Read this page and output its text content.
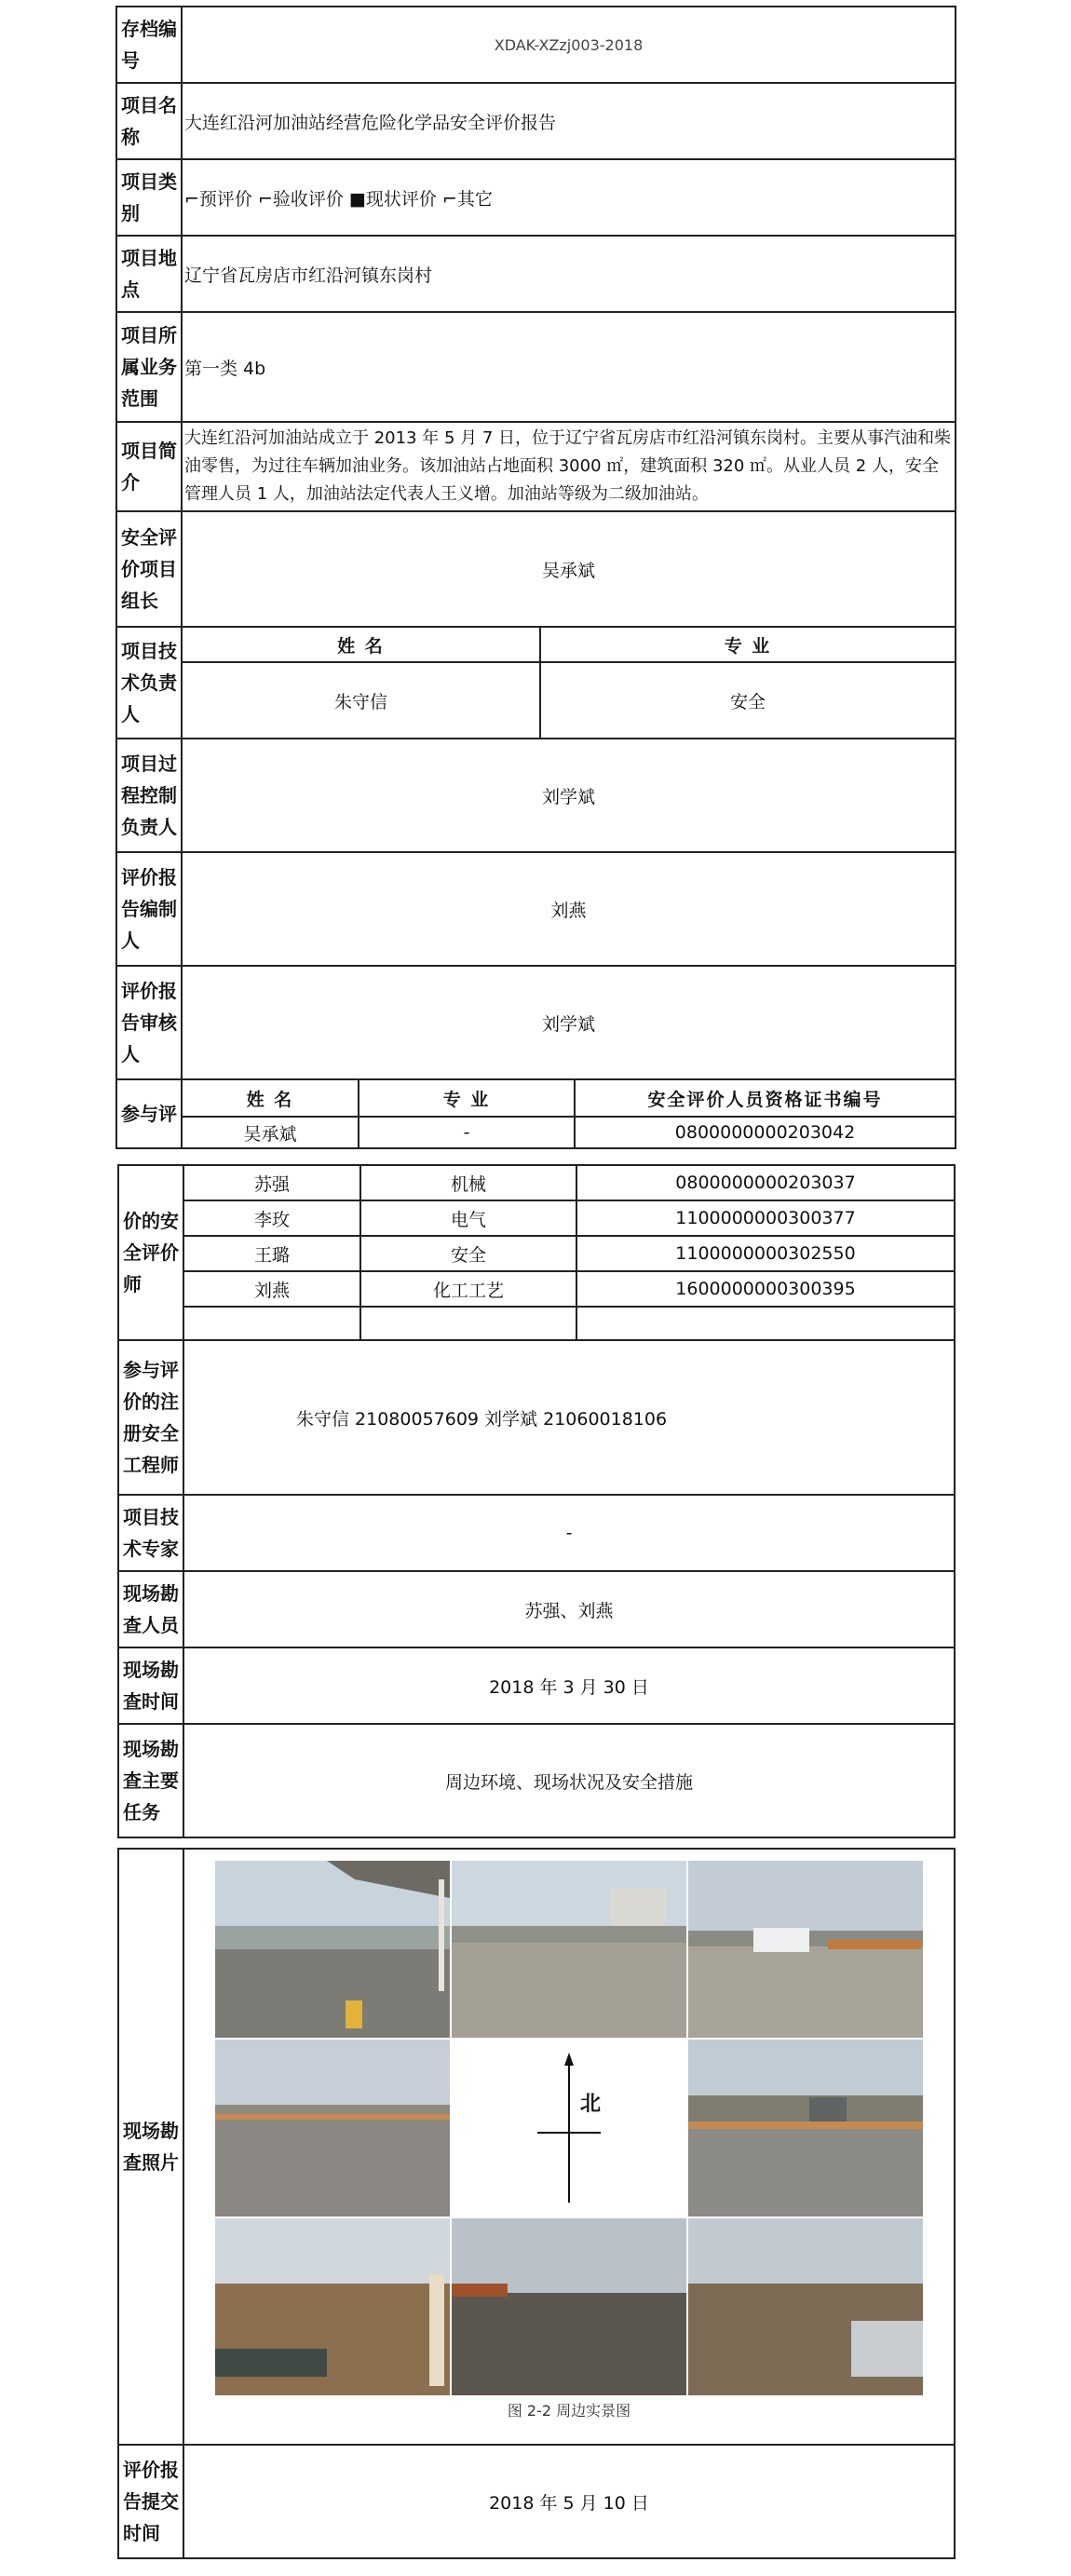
存档编号	XDAK-XZzj003-2018	
项目名称	大连红沿河加油站经营危险化学品安全评价报告	
项目类别	⌐预评价 ⌐验收评价 ■现状评价 ⌐其它	
项目地点	辽宁省瓦房店市红沿河镇东岗村	
项目所属业务范围	第一类 4b	
项目简介	大连红沿河加油站成立于 2013 年 5 月 7 日，位于辽宁省瓦房店市红沿河镇东岗村。主要从事汽油和柴油零售，为过往车辆加油业务。该加油站占地面积 3000 ㎡，建筑面积 320 ㎡。从业人员 2 人，安全管理人员 1 人，加油站法定代表人王义增。加油站等级为二级加油站。	
安全评价项目组长	吴承斌	
项目技术负责人	姓 名	专 业
	朱守信	安全
项目过程控制负责人	刘学斌	
评价报告编制人	刘燕	
评价报告审核人	刘学斌	
参与评	姓 名	专 业	安全评价人员资格证书编号
	吴承斌	-	0800000000203042
价的安全评价师	苏强	机械	0800000000203037
	李玫	电气	1100000000300377
	王璐	安全	1100000000302550
	刘燕	化工工艺	1600000000300395

参与评价的注册安全工程师	朱守信 21080057609 刘学斌 21060018106		
项目技术专家	-		
现场勘查人员	苏强、刘燕		
现场勘查时间	2018 年 3 月 30 日		
现场勘查主要任务	周边环境、现场状况及安全措施		
现场勘查照片	北
图 2-2 周边实景图

评价报告提交时间	2018 年 5 月 10 日
